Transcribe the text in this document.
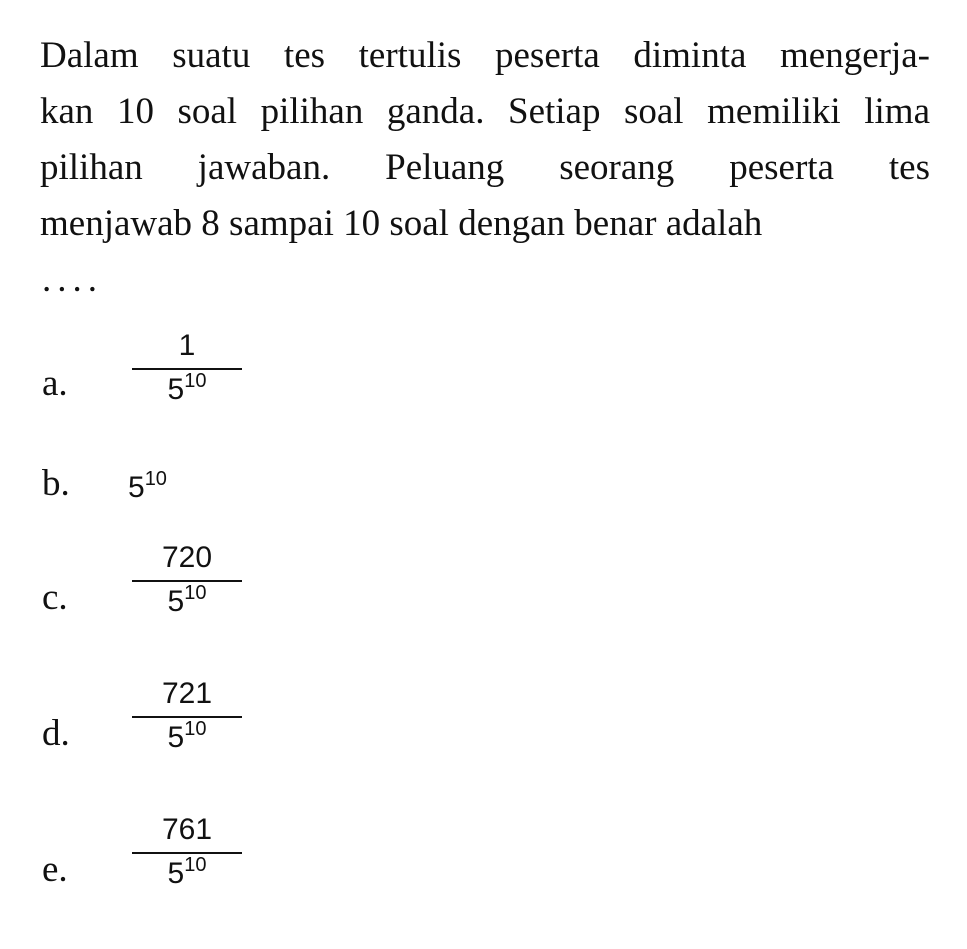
Dalam suatu tes tertulis peserta diminta mengerja-
kan 10 soal pilihan ganda. Setiap soal memiliki lima
pilihan jawaban. Peluang seorang peserta tes
menjawab 8 sampai 10 soal dengan benar adalah
....
a.
1
$5^{10}$
b. $5^{10}$
c.
720
$5^{10}$
d.
721
$5^{10}$
e.
761
$5^{10}$
